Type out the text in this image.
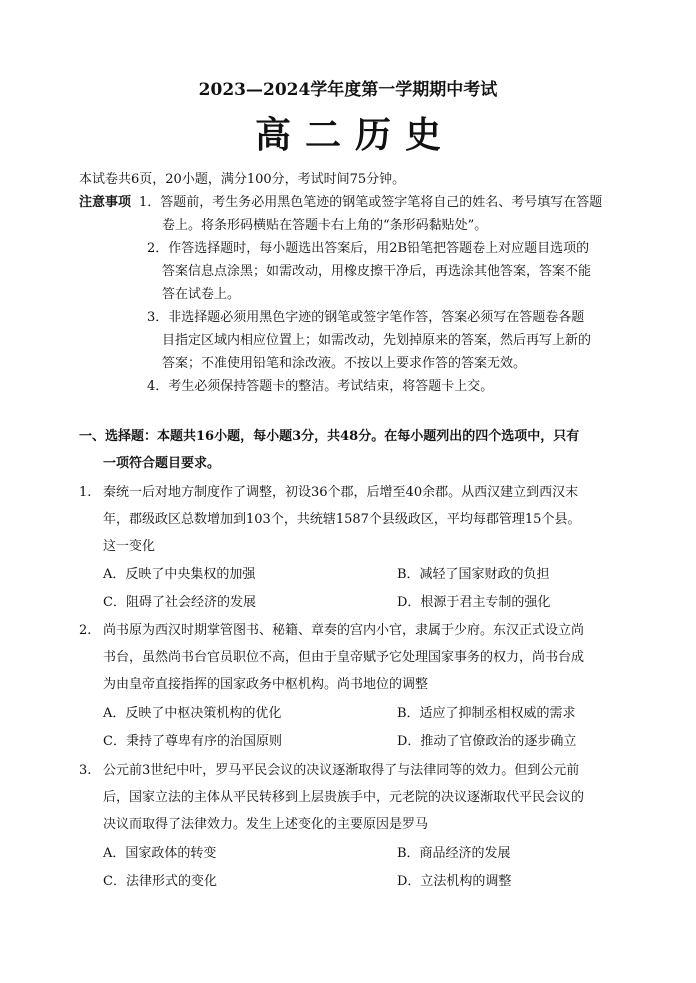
2023—2024学年度第一学期期中考试
高二历史
本试卷共6页，20小题，满分100分，考试时间75分钟。
注意事项 1．答题前，考生务必用黑色笔迹的钢笔或签字笔将自己的姓名、考号填写在答题
卷上。将条形码横贴在答题卡右上角的“条形码黏贴处”。
2．作答选择题时，每小题选出答案后，用2B铅笔把答题卷上对应题目选项的
答案信息点涂黑；如需改动，用橡皮擦干净后，再选涂其他答案，答案不能
答在试卷上。
3．非选择题必须用黑色字迹的钢笔或签字笔作答，答案必须写在答题卷各题
目指定区域内相应位置上；如需改动，先划掉原来的答案，然后再写上新的
答案；不准使用铅笔和涂改液。不按以上要求作答的答案无效。
4．考生必须保持答题卡的整洁。考试结束，将答题卡上交。
一、选择题：本题共16小题，每小题3分，共48分。在每小题列出的四个选项中，只有
一项符合题目要求。
1. 秦统一后对地方制度作了调整，初设36个郡，后增至40余郡。从西汉建立到西汉末
年，郡级政区总数增加到103个，共统辖1587个县级政区，平均每郡管理15个县。
这一变化
A．反映了中央集权的加强	B．减轻了国家财政的负担
C．阻碍了社会经济的发展	D．根源于君主专制的强化
2. 尚书原为西汉时期掌管图书、秘籍、章奏的宫内小官，隶属于少府。东汉正式设立尚
书台，虽然尚书台官员职位不高，但由于皇帝赋予它处理国家事务的权力，尚书台成
为由皇帝直接指挥的国家政务中枢机构。尚书地位的调整
A．反映了中枢决策机构的优化	B．适应了抑制丞相权威的需求
C．秉持了尊卑有序的治国原则	D．推动了官僚政治的逐步确立
3. 公元前3世纪中叶，罗马平民会议的决议逐渐取得了与法律同等的效力。但到公元前
后，国家立法的主体从平民转移到上层贵族手中，元老院的决议逐渐取代平民会议的
决议而取得了法律效力。发生上述变化的主要原因是罗马
A．国家政体的转变	B．商品经济的发展
C．法律形式的变化	D．立法机构的调整
